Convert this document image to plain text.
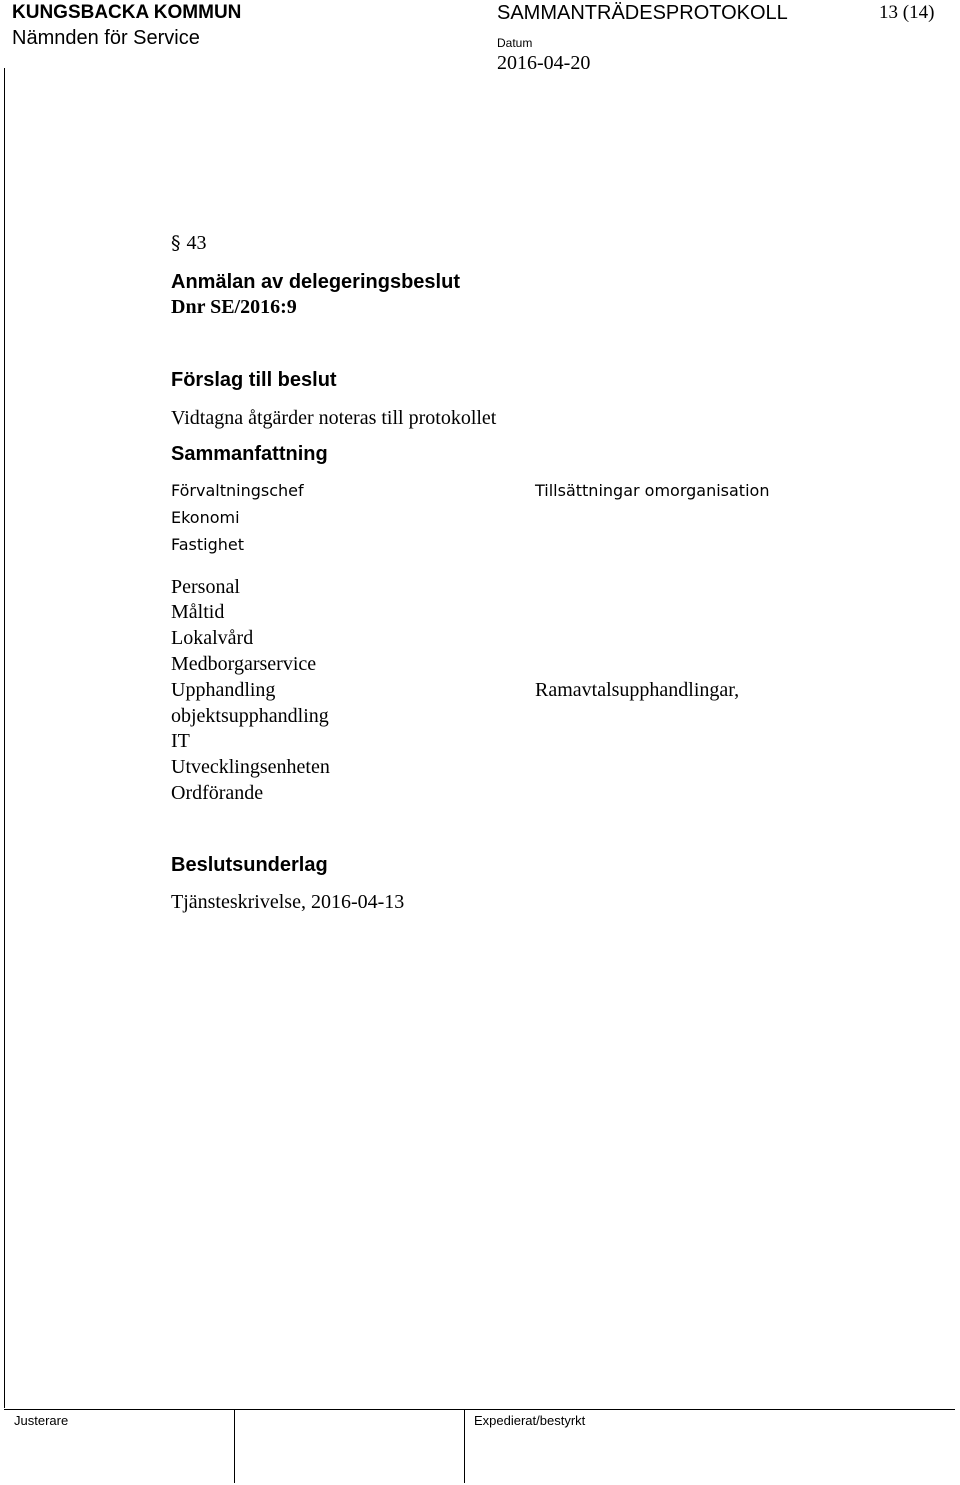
KUNGSBACKA KOMMUN
Nämnden för Service
SAMMANTRÄDESPROTOKOLL	13 (14)
Datum
2016-04-20
§ 43
Anmälan av delegeringsbeslut
Dnr SE/2016:9
Förslag till beslut
Vidtagna åtgärder noteras till protokollet
Sammanfattning
Förvaltningschef
Ekonomi
Fastighet
Tillsättningar omorganisation
Personal
Måltid
Lokalvård
Medborgarservice
Upphandling
objektsupphandling
IT
Utvecklingsenheten
Ordförande
Ramavtalsupphandlingar,
Beslutsunderlag
Tjänsteskrivelse, 2016-04-13
Justerare	Expedierat/bestyrkt
